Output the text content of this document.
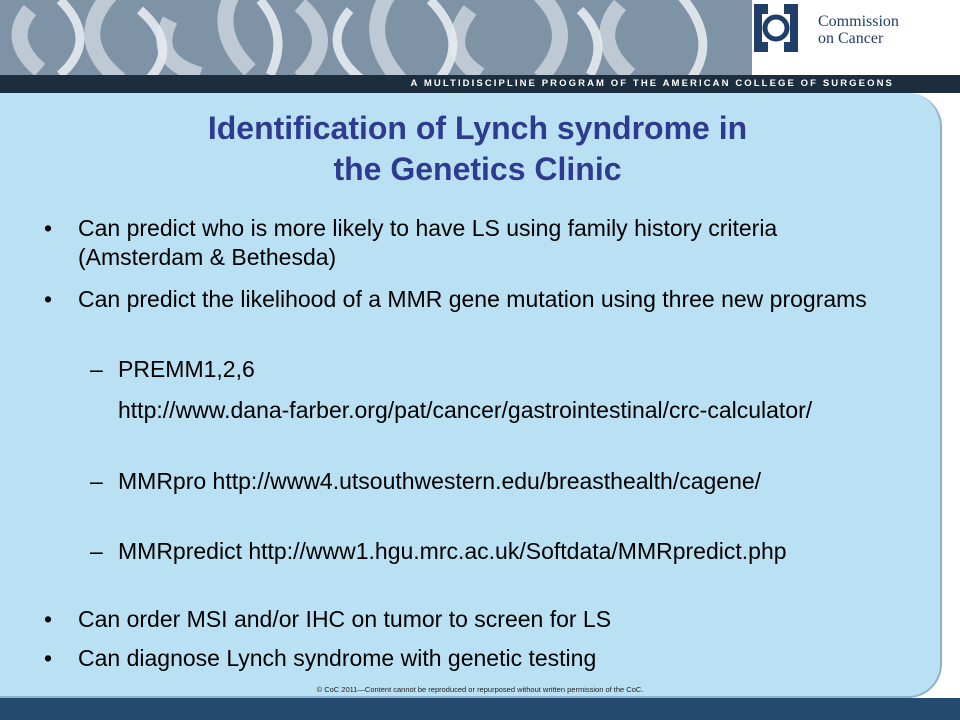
Commission
on Cancer
A MULTIDISCIPLINE PROGRAM OF THE AMERICAN COLLEGE OF SURGEONS
Identification of Lynch syndrome in
the Genetics Clinic
• Can predict who is more likely to have LS using family history criteria (Amsterdam & Bethesda)
• Can predict the likelihood of a MMR gene mutation using three new programs
– PREMM1,2,6
http://www.dana-farber.org/pat/cancer/gastrointestinal/crc-calculator/
– MMRpro http://www4.utsouthwestern.edu/breasthealth/cagene/
– MMRpredict http://www1.hgu.mrc.ac.uk/Softdata/MMRpredict.php
• Can order MSI and/or IHC on tumor to screen for LS
• Can diagnose Lynch syndrome with genetic testing
© CoC 2011—Content cannot be reproduced or repurposed without written permission of the CoC.
